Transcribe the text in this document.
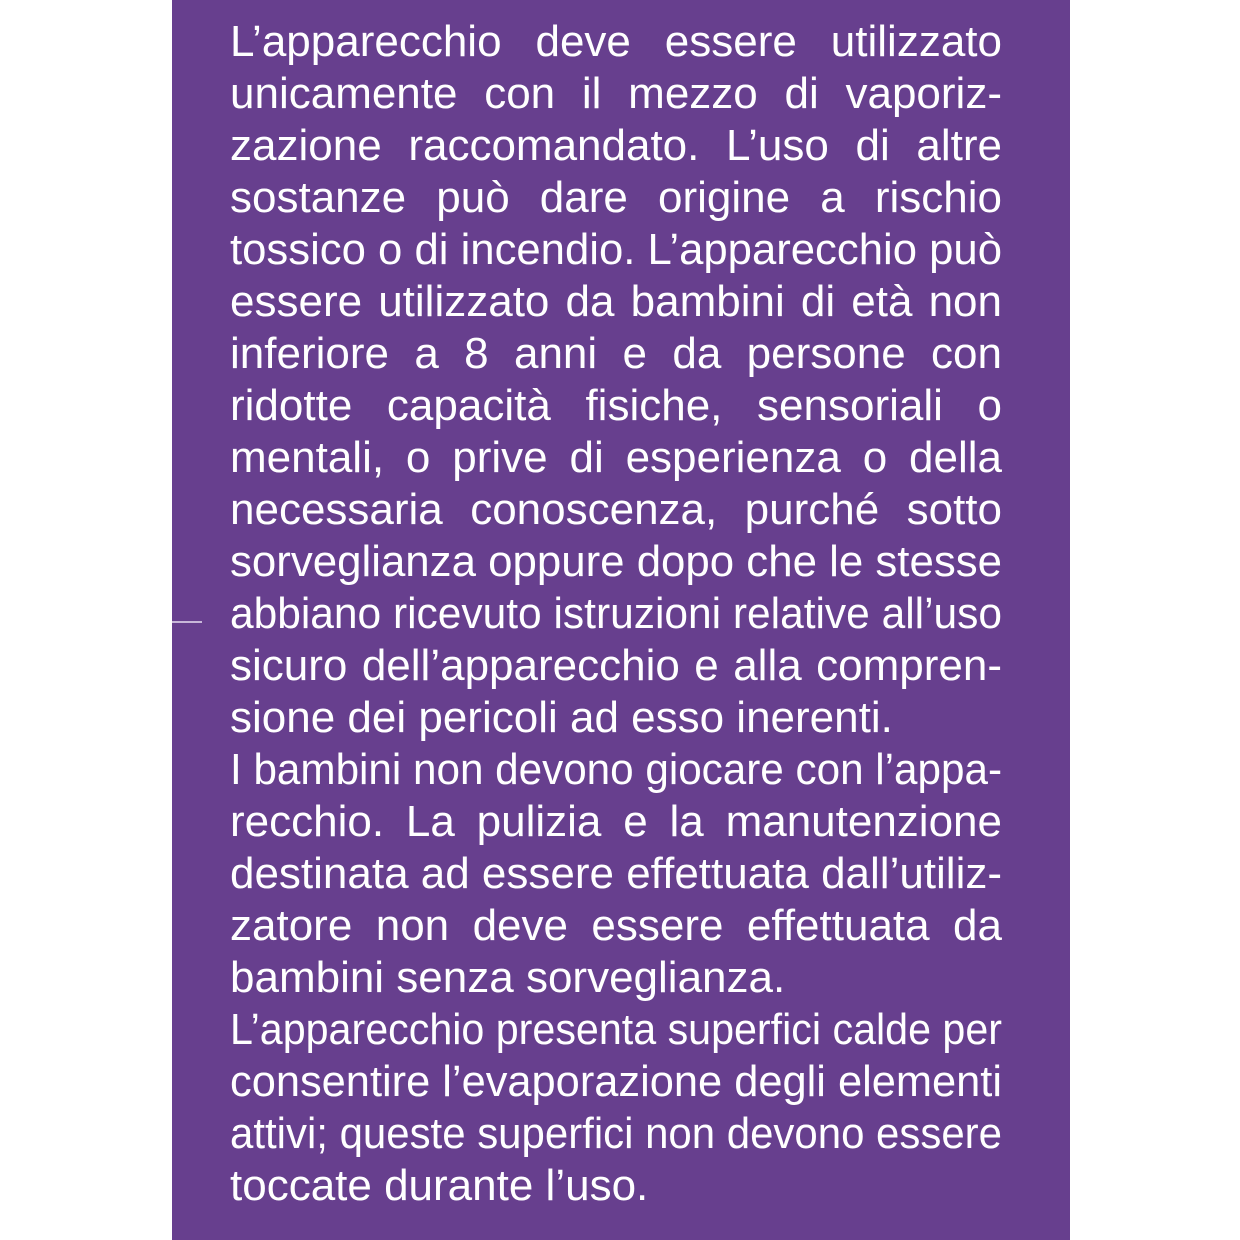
L’apparecchio deve essere utilizzato
unicamente con il mezzo di vaporiz-
zazione raccomandato. L’uso di altre
sostanze può dare origine a rischio
tossico o di incendio. L’apparecchio può
essere utilizzato da bambini di età non
inferiore a 8 anni e da persone con
ridotte capacità fisiche, sensoriali o
mentali, o prive di esperienza o della
necessaria conoscenza, purché sotto
sorveglianza oppure dopo che le stesse
abbiano ricevuto istruzioni relative all’uso
sicuro dell’apparecchio e alla compren-
sione dei pericoli ad esso inerenti.
I bambini non devono giocare con l’appa-
recchio. La pulizia e la manutenzione
destinata ad essere effettuata dall’utiliz-
zatore non deve essere effettuata da
bambini senza sorveglianza.
L’apparecchio presenta superfici calde per
consentire l’evaporazione degli elementi
attivi; queste superfici non devono essere
toccate durante l’uso.
